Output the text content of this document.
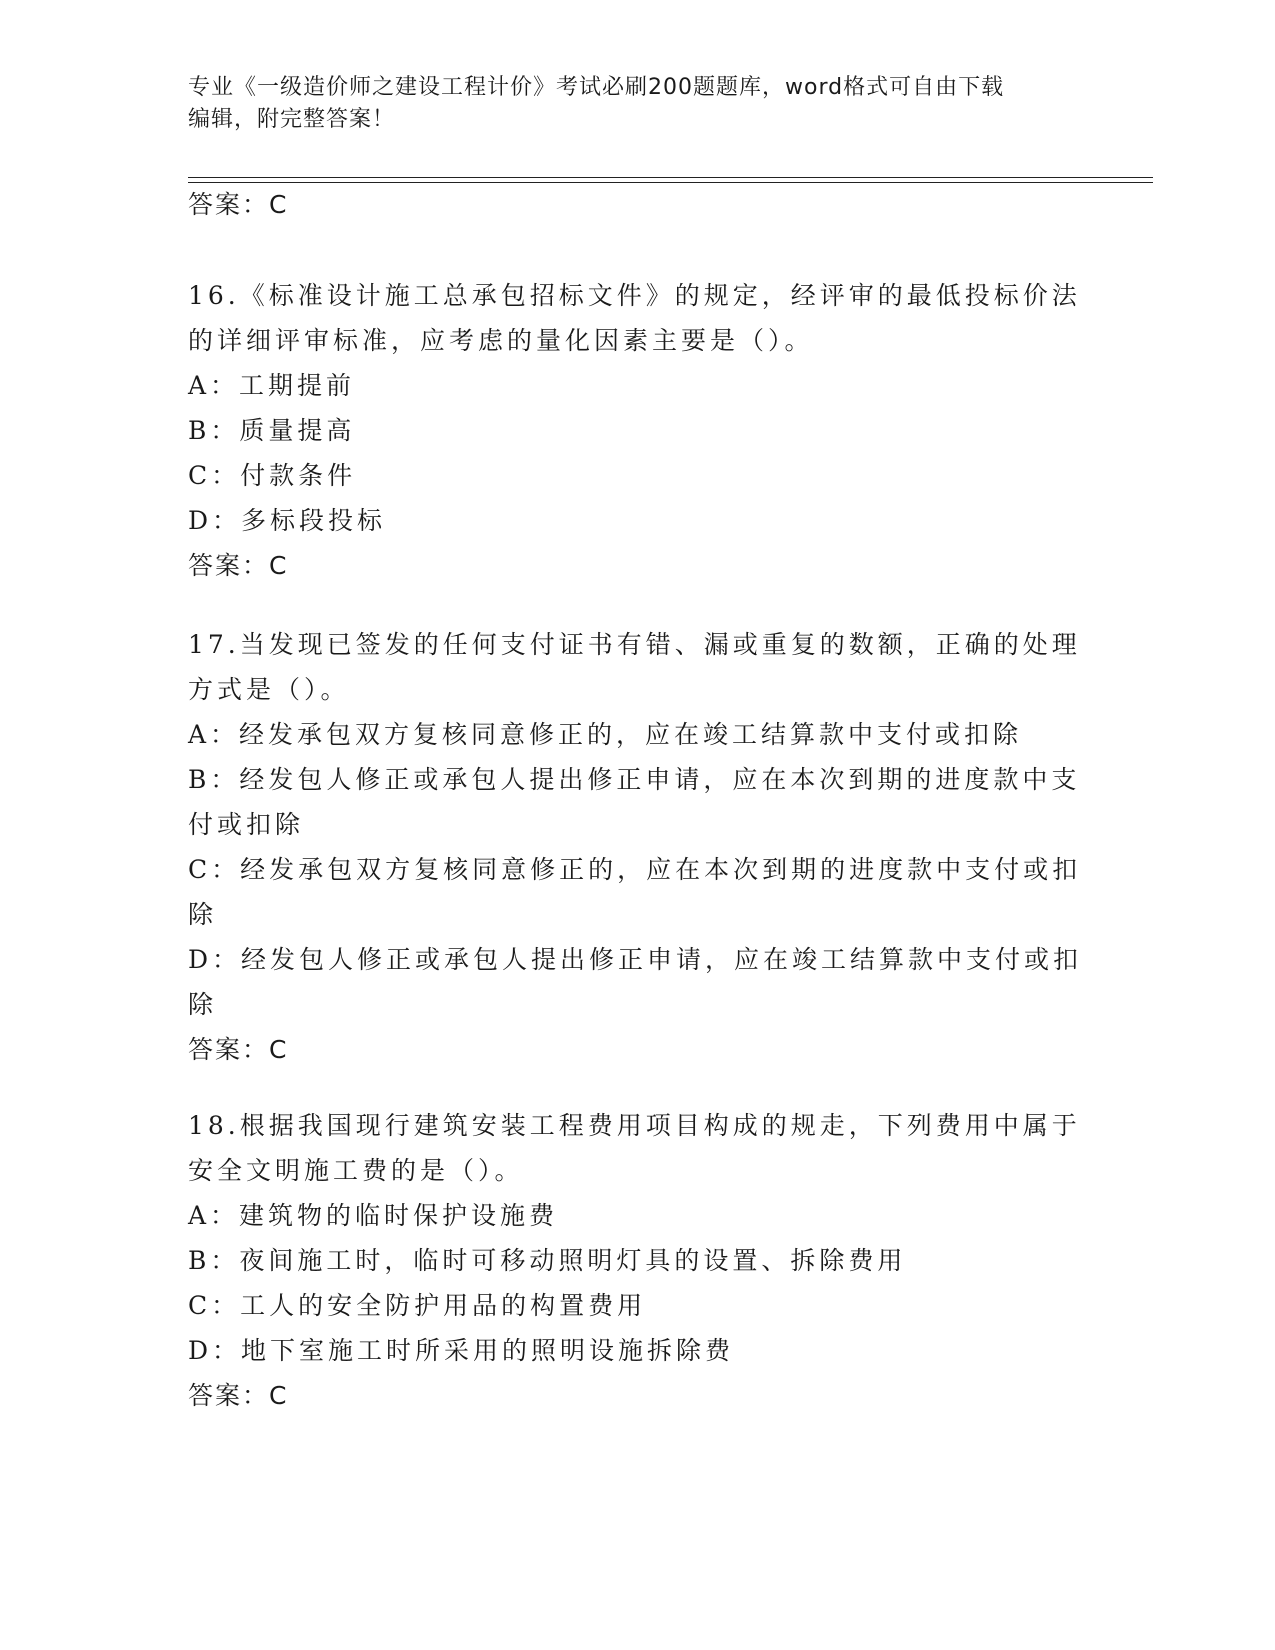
专业《一级造价师之建设工程计价》考试必刷200题题库，word格式可自由下载
编辑，附完整答案！
答案：C

16.《标准设计施工总承包招标文件》的规定，经评审的最低投标价法的详细评审标准，应考虑的量化因素主要是（）。

A：工期提前

B：质量提高

C：付款条件

D：多标段投标

答案：C

17.当发现已签发的任何支付证书有错、漏或重复的数额，正确的处理方式是（）。

A：经发承包双方复核同意修正的，应在竣工结算款中支付或扣除

B：经发包人修正或承包人提出修正申请，应在本次到期的进度款中支付或扣除

C：经发承包双方复核同意修正的，应在本次到期的进度款中支付或扣除

D：经发包人修正或承包人提出修正申请，应在竣工结算款中支付或扣除

答案：C

18.根据我国现行建筑安装工程费用项目构成的规走，下列费用中属于安全文明施工费的是（）。

A：建筑物的临时保护设施费

B：夜间施工时，临时可移动照明灯具的设置、拆除费用

C：工人的安全防护用品的构置费用

D：地下室施工时所采用的照明设施拆除费

答案：C
